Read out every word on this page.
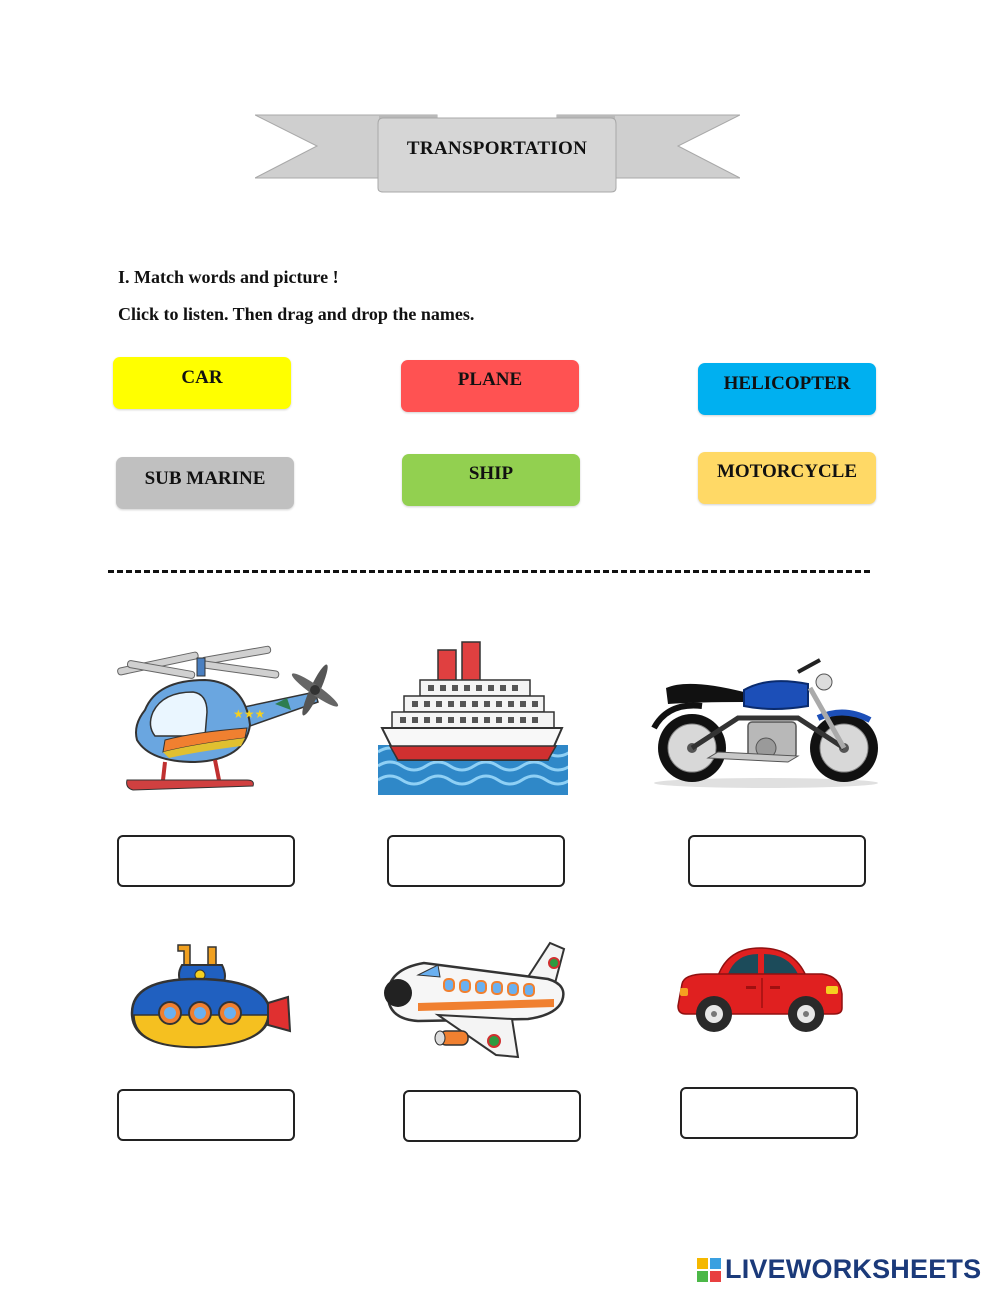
TRANSPORTATION
I. Match words and picture !
Click to listen. Then drag and drop the names.
CAR	PLANE	HELICOPTER
SUB MARINE	SHIP	MOTORCYCLE
★★★
LIVEWORKSHEETS
